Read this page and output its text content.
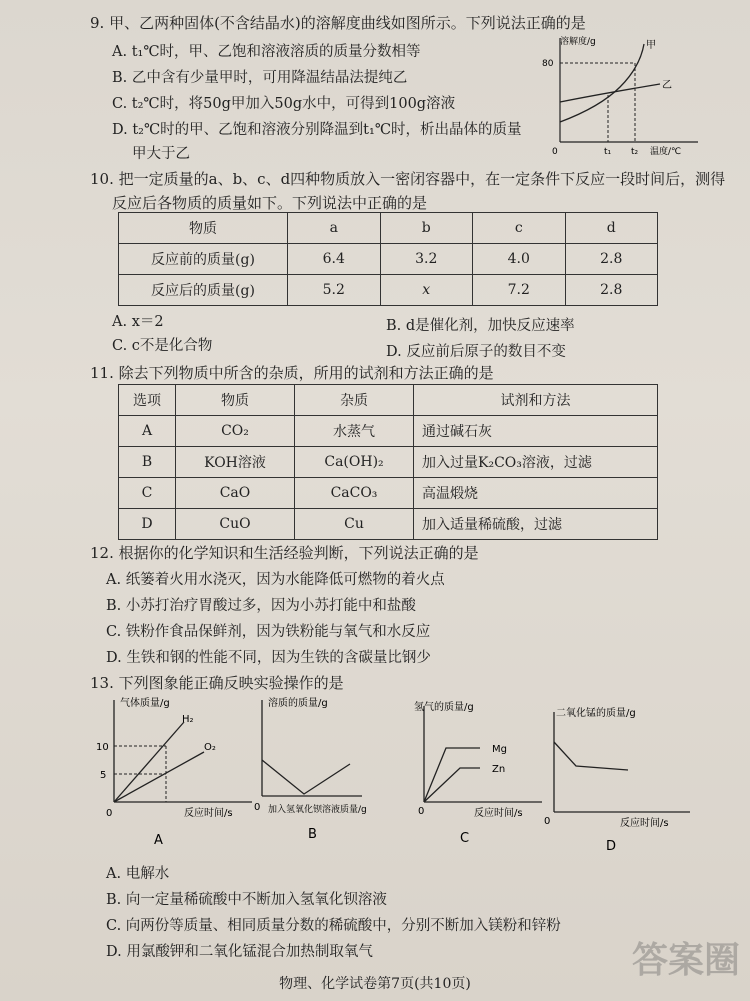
9. 甲、乙两种固体(不含结晶水)的溶解度曲线如图所示。下列说法正确的是
A. t₁℃时，甲、乙饱和溶液溶质的质量分数相等
B. 乙中含有少量甲时，可用降温结晶法提纯乙
C. t₂℃时，将50g甲加入50g水中，可得到100g溶液
D. t₂℃时的甲、乙饱和溶液分别降温到t₁℃时，析出晶体的质量
甲大于乙
溶解度/g
温度/℃
80
0	t₁ t₂
甲
乙
10. 把一定质量的a、b、c、d四种物质放入一密闭容器中，在一定条件下反应一段时间后，测得
反应后各物质的质量如下。下列说法中正确的是
物质	a	b	c	d
反应前的质量(g)	6.4	3.2	4.0	2.8
反应后的质量(g)	5.2	x	7.2	2.8
A. x＝2	B. d是催化剂，加快反应速率
C. c不是化合物	D. 反应前后原子的数目不变
11. 除去下列物质中所含的杂质，所用的试剂和方法正确的是
选项	物质	杂质	试剂和方法
A	CO₂	水蒸气	通过碱石灰
B	KOH溶液	Ca(OH)₂	加入过量K₂CO₃溶液，过滤
C	CaO	CaCO₃	高温煅烧
D	CuO	Cu	加入适量稀硫酸，过滤
12. 根据你的化学知识和生活经验判断，下列说法正确的是
A. 纸篓着火用水浇灭，因为水能降低可燃物的着火点
B. 小苏打治疗胃酸过多，因为小苏打能中和盐酸
C. 铁粉作食品保鲜剂，因为铁粉能与氧气和水反应
D. 生铁和钢的性能不同，因为生铁的含碳量比钢少
13. 下列图象能正确反映实验操作的是
气体质量/g
反应时间/s
0
10
5
H₂
O₂
A
溶质的质量/g
0 加入氢氧化钡溶液质量/g
B
氢气的质量/g
0	反应时间/s
Mg
Zn
C
二氧化锰的质量/g
0	反应时间/s
D
A. 电解水
B. 向一定量稀硫酸中不断加入氢氧化钡溶液
C. 向两份等质量、相同质量分数的稀硫酸中，分别不断加入镁粉和锌粉
D. 用氯酸钾和二氧化锰混合加热制取氧气
物理、化学试卷第7页(共10页)
答案圈
